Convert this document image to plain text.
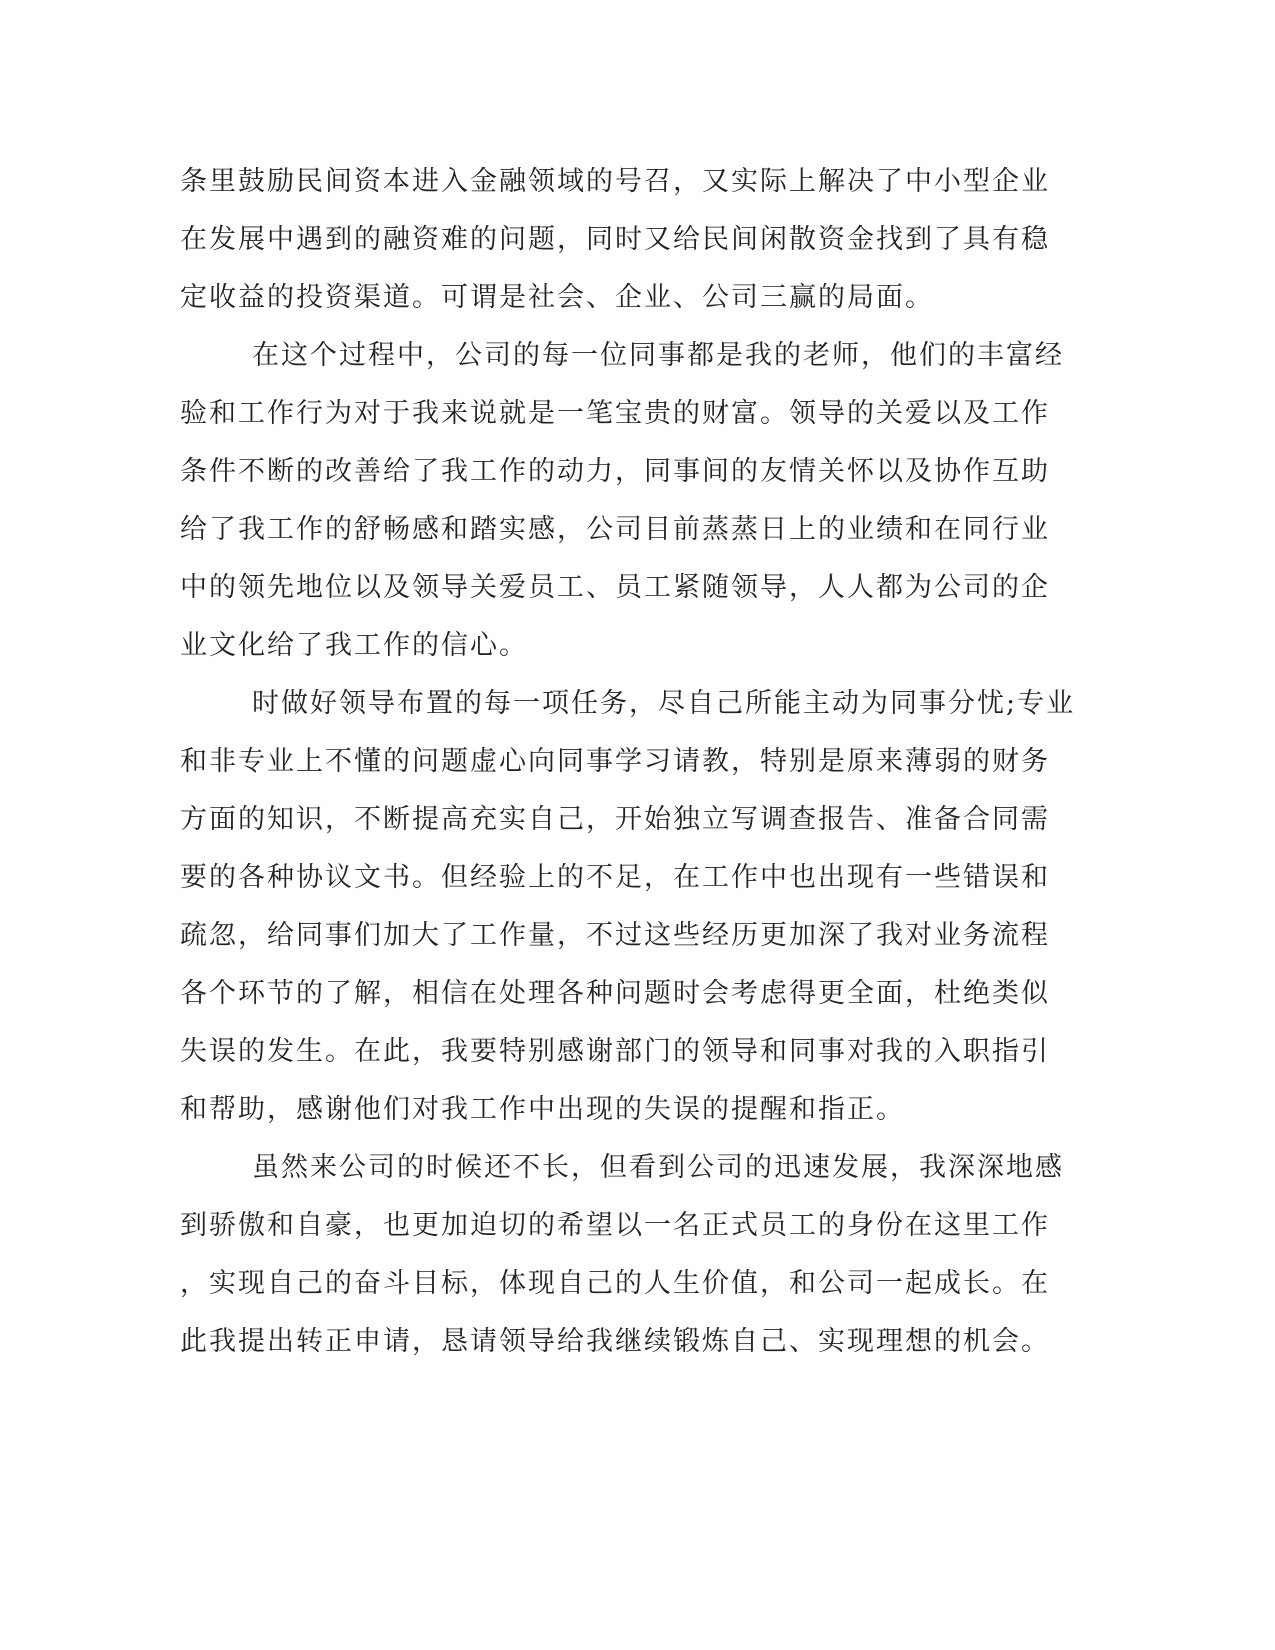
条里鼓励民间资本进入金融领域的号召，又实际上解决了中小型企业
在发展中遇到的融资难的问题，同时又给民间闲散资金找到了具有稳
定收益的投资渠道。可谓是社会、企业、公司三赢的局面。
在这个过程中，公司的每一位同事都是我的老师，他们的丰富经
验和工作行为对于我来说就是一笔宝贵的财富。领导的关爱以及工作
条件不断的改善给了我工作的动力，同事间的友情关怀以及协作互助
给了我工作的舒畅感和踏实感，公司目前蒸蒸日上的业绩和在同行业
中的领先地位以及领导关爱员工、员工紧随领导，人人都为公司的企
业文化给了我工作的信心。
时做好领导布置的每一项任务，尽自己所能主动为同事分忧;专业
和非专业上不懂的问题虚心向同事学习请教，特别是原来薄弱的财务
方面的知识，不断提高充实自己，开始独立写调查报告、准备合同需
要的各种协议文书。但经验上的不足，在工作中也出现有一些错误和
疏忽，给同事们加大了工作量，不过这些经历更加深了我对业务流程
各个环节的了解，相信在处理各种问题时会考虑得更全面，杜绝类似
失误的发生。在此，我要特别感谢部门的领导和同事对我的入职指引
和帮助，感谢他们对我工作中出现的失误的提醒和指正。
虽然来公司的时候还不长，但看到公司的迅速发展，我深深地感
到骄傲和自豪，也更加迫切的希望以一名正式员工的身份在这里工作
，实现自己的奋斗目标，体现自己的人生价值，和公司一起成长。在
此我提出转正申请，恳请领导给我继续锻炼自己、实现理想的机会。
